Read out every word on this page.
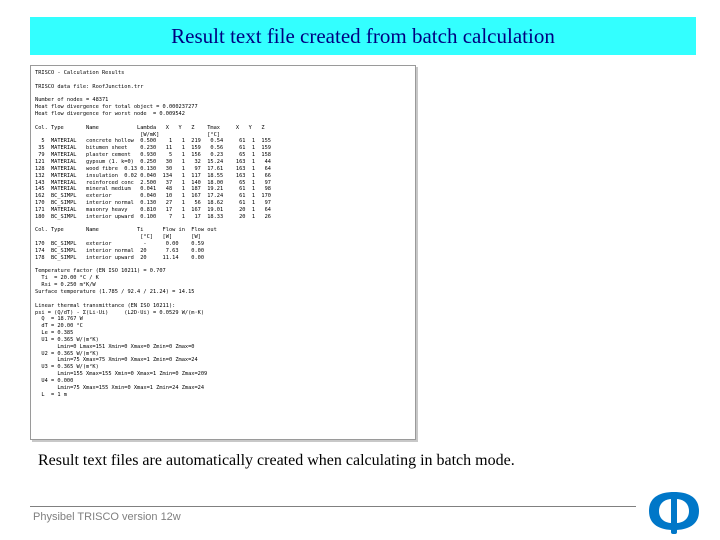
Result text file created from batch calculation
TRISCO - Calculation Results

TRISCO data file: RoofJunction.trr

Number of nodes = 48371
Heat flow divergence for total object = 0.000237277
Heat flow divergence for worst node  = 0.009542

Col. Type       Name            Lambda   X   Y   Z    Tmax     X   Y   Z
[W/mK]               [°C]
5  MATERIAL   concrete hollow  0.500    1   1  219   0.54     61  1  155
35  MATERIAL   bitumen sheet    0.230   11   1  159   0.56     61  1  159
79  MATERIAL   plaster cement   0.930    5   1  156   0.23     65  1  158
121  MATERIAL   gypsum (1. k=0)  0.250   30   1   32  15.24    163  1   44
128  MATERIAL   wood fibre  0.13 0.130   30   1   97  17.61    163  1   64
132  MATERIAL   insulation  0.02 0.040  134   1  117  18.55    163  1   66
143  MATERIAL   reinforced conc  2.500   37   1  140  18.00     65  1   97
145  MATERIAL   mineral medium   0.041   48   1  187  19.21     61  1   98
162  BC_SIMPL   exterior         0.040   10   1  167  17.24     61  1  170
170  BC_SIMPL   interior normal  0.130   27   1   56  18.62     61  1   97
171  MATERIAL   masonry heavy    0.810   17   1  167  19.01     20  1   64
180  BC_SIMPL   interior upward  0.100    7   1   17  18.33     20  1   26

Col. Type       Name            Ti      Flow in  Flow out
[°C]   [W]      [W]
170  BC_SIMPL   exterior          -      0.00    0.59
174  BC_SIMPL   interior normal  20      7.63    0.00
178  BC_SIMPL   interior upward  20     11.14    0.00

Temperature factor (EN ISO 10211) = 0.707
Ti  = 20.00 °C / K
Rsi = 0.250 m²K/W
Surface temperature (1.785 / 92.4 / 21.24) = 14.15

Linear thermal transmittance (EN ISO 10211):
psi = (Q/dT) - Σ(Li·Ui)     (L2D·Ui) = 0.0529 W/(m·K)
Q  = 18.767 W
dT = 20.00 °C
Le = 0.385
U1 = 0.365 W/(m²K)
Lmin=0 Lmax=151 Xmin=0 Xmax=0 Zmin=0 Zmax=0
U2 = 0.365 W/(m²K)
Lmin=75 Xmax=75 Xmin=0 Xmax=1 Zmin=0 Zmax=24
U3 = 0.365 W/(m²K)
Lmin=155 Xmax=155 Xmin=0 Xmax=1 Zmin=0 Zmax=209
U4 = 0.000
Lmin=75 Xmax=155 Xmin=0 Xmax=1 Zmin=24 Zmax=24
L  = 1 m
Result text files are automatically created when calculating in batch mode.
Physibel TRISCO version 12w
